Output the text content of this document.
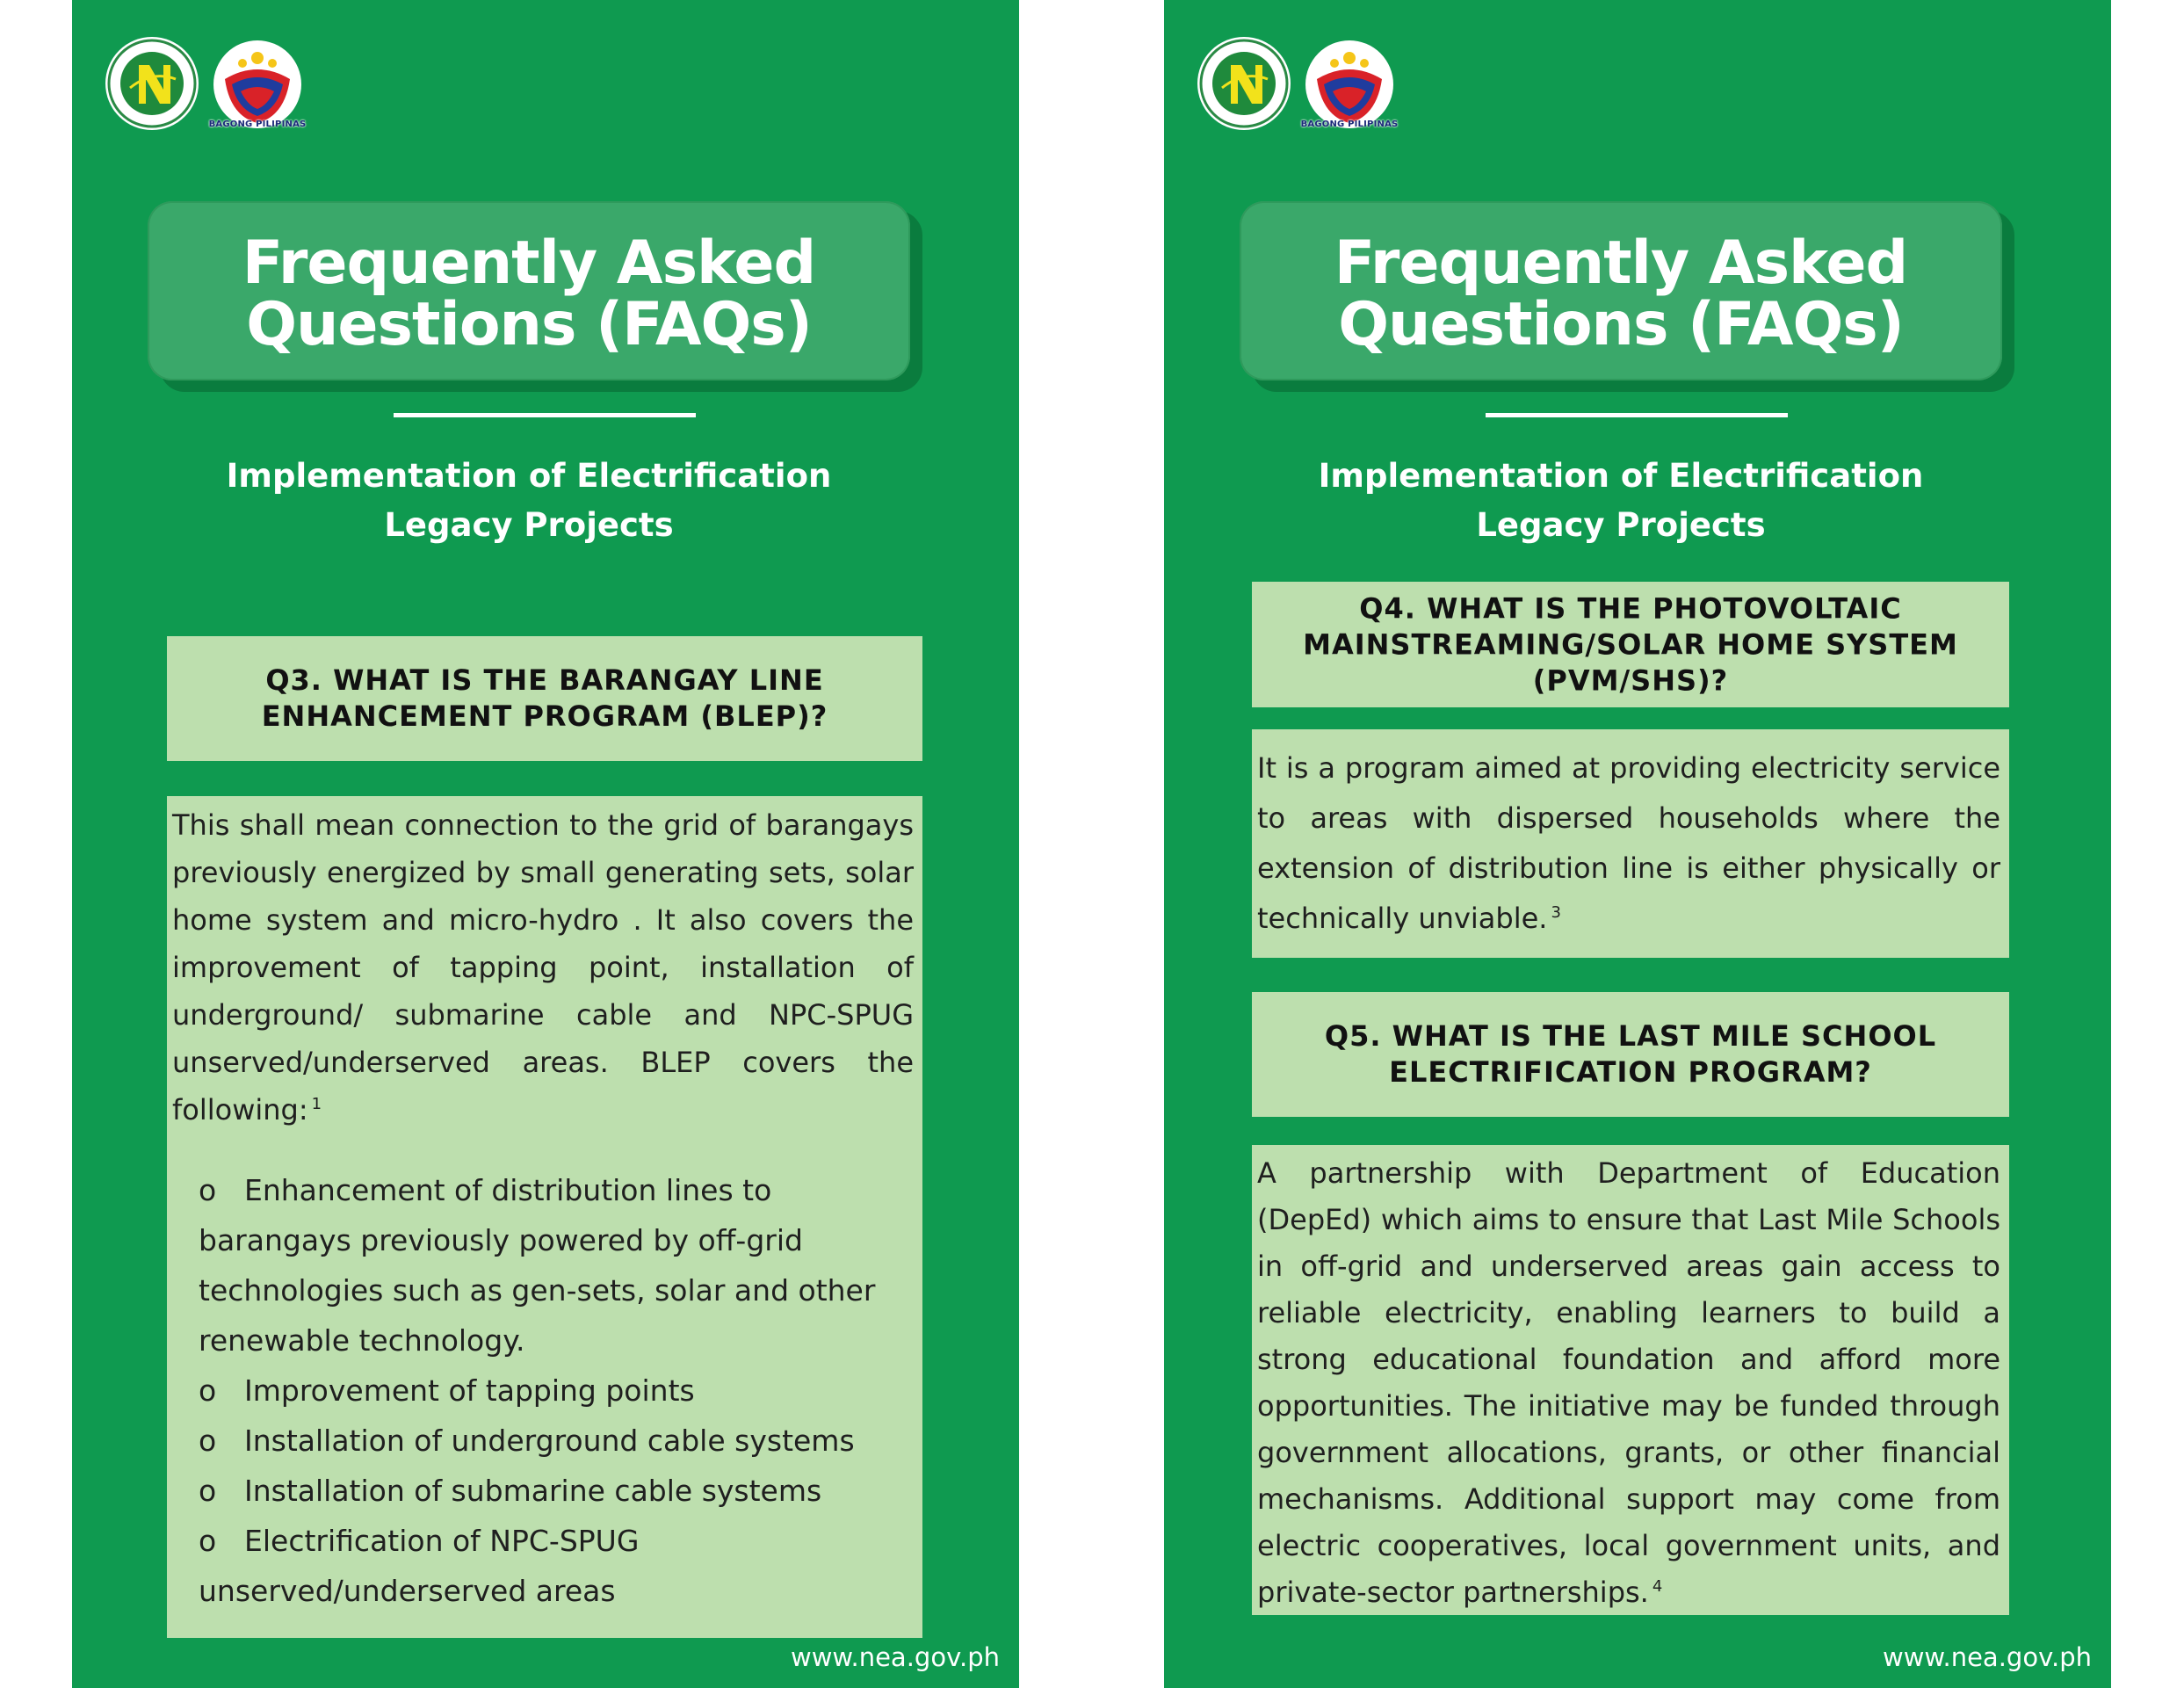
BAGONG PILIPINAS
Frequently Asked
Questions (FAQs)
Implementation of Electrification
Legacy Projects
Q3. WHAT IS THE BARANGAY LINE
ENHANCEMENT PROGRAM (BLEP)?
This shall mean connection to the grid of barangays previously energized by small generating sets, solar home system and micro-hydro . It also covers the improvement of tapping point, installation of underground/ submarine cable and NPC-SPUG unserved/underserved areas. BLEP covers the following: $^1$
o Enhancement of distribution lines to barangays previously powered by off-grid technologies such as gen-sets, solar and other renewable technology.
o Improvement of tapping points
o Installation of underground cable systems
o Installation of submarine cable systems
o Electrification of NPC-SPUG unserved/underserved areas
www.nea.gov.ph
BAGONG PILIPINAS
Frequently Asked
Questions (FAQs)
Implementation of Electrification
Legacy Projects
Q4. WHAT IS THE PHOTOVOLTAIC
MAINSTREAMING/SOLAR HOME SYSTEM
(PVM/SHS)?
It is a program aimed at providing electricity service to areas with dispersed households where the extension of distribution line is either physically or technically unviable. $^3$
Q5. WHAT IS THE LAST MILE SCHOOL
ELECTRIFICATION PROGRAM?
A partnership with Department of Education (DepEd) which aims to ensure that Last Mile Schools in off-grid and underserved areas gain access to reliable electricity, enabling learners to build a strong educational foundation and afford more opportunities. The initiative may be funded through government allocations, grants, or other financial mechanisms. Additional support may come from electric cooperatives, local government units, and private-sector partnerships. $^4$
www.nea.gov.ph
